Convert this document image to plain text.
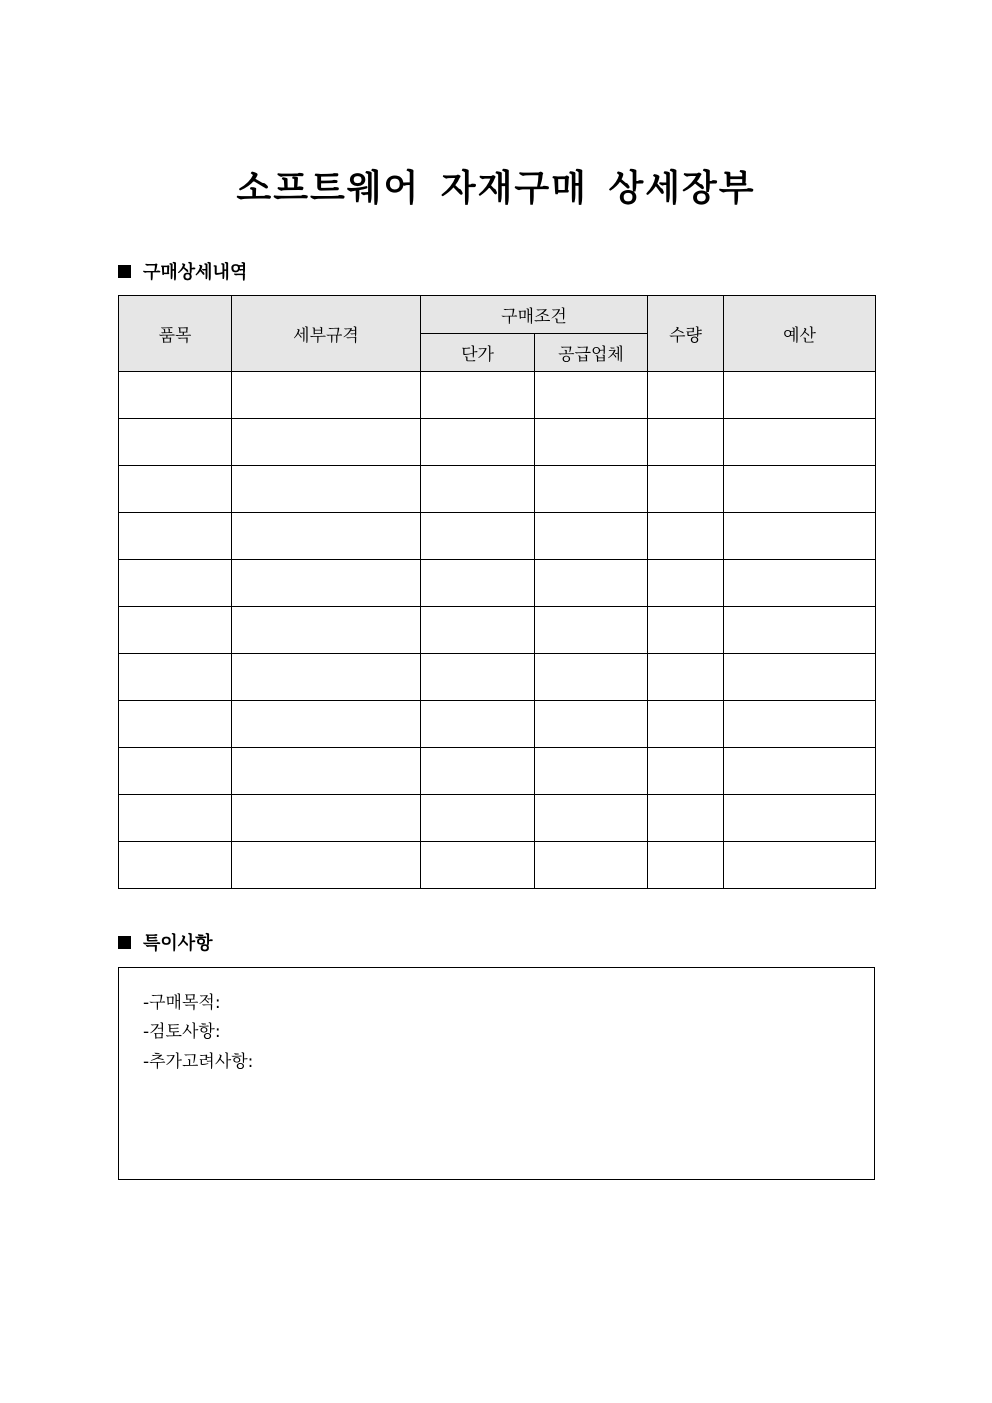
소프트웨어 자재구매 상세장부
구매상세내역
품목	세부규격	구매조건		수량	예산
		단가	공급업체		

특이사항
-구매목적:
-검토사항:
-추가고려사항:
